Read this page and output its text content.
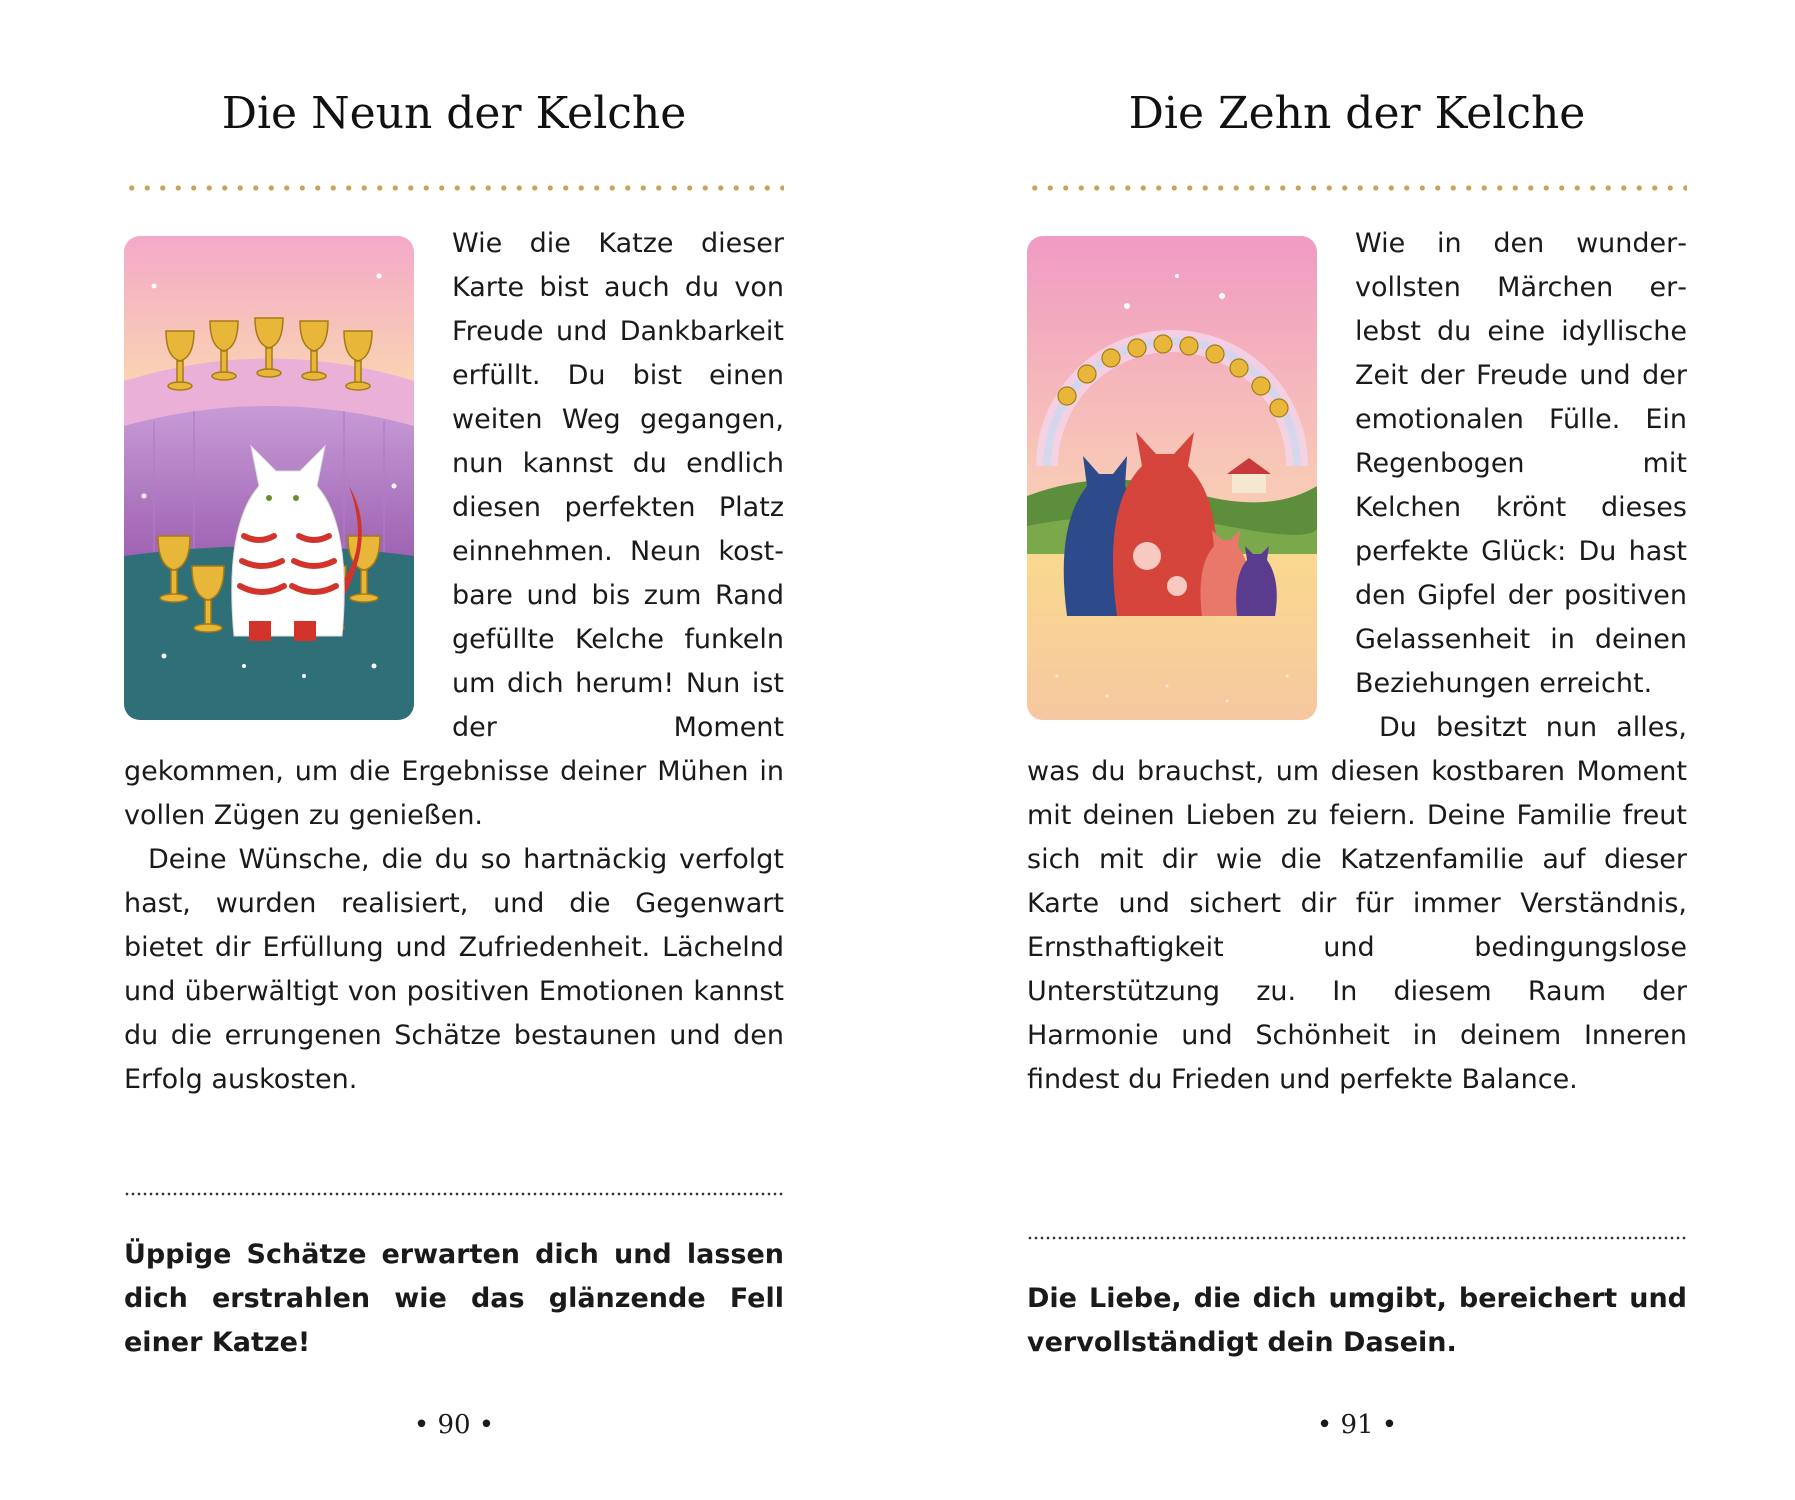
Die Neun der Kelche

Wie die Katze dieser Karte bist auch du von Freude und Dankbarkeit erfüllt. Du bist einen weiten Weg gegangen, nun kannst du endlich diesen perfekten Platz einnehmen. Neun kostbare und bis zum Rand gefüllte Kelche funkeln um dich herum! Nun ist der Moment gekommen, um die Ergebnisse deiner Mühen in vollen Zügen zu genießen.

Deine Wünsche, die du so hartnäckig verfolgt hast, wurden realisiert, und die Gegenwart bietet dir Erfüllung und Zufriedenheit. Lächelnd und überwältigt von positiven Emotionen kannst du die errungenen Schätze bestaunen und den Erfolg auskosten.

Üppige Schätze erwarten dich und lassen dich erstrahlen wie das glänzende Fell einer Katze!

• 90 •
Die Zehn der Kelche

Wie in den wundervollsten Märchen erlebst du eine idyllische Zeit der Freude und der emotionalen Fülle. Ein Regenbogen mit Kelchen krönt dieses perfekte Glück: Du hast den Gipfel der positiven Gelassenheit in deinen Beziehungen erreicht.

Du besitzt nun alles, was du brauchst, um diesen kostbaren Moment mit deinen Lieben zu feiern. Deine Familie freut sich mit dir wie die Katzenfamilie auf dieser Karte und sichert dir für immer Verständnis, Ernsthaftigkeit und bedingungslose Unterstützung zu. In diesem Raum der Harmonie und Schönheit in deinem Inneren findest du Frieden und perfekte Balance.

Die Liebe, die dich umgibt, bereichert und vervollständigt dein Dasein.

• 91 •
